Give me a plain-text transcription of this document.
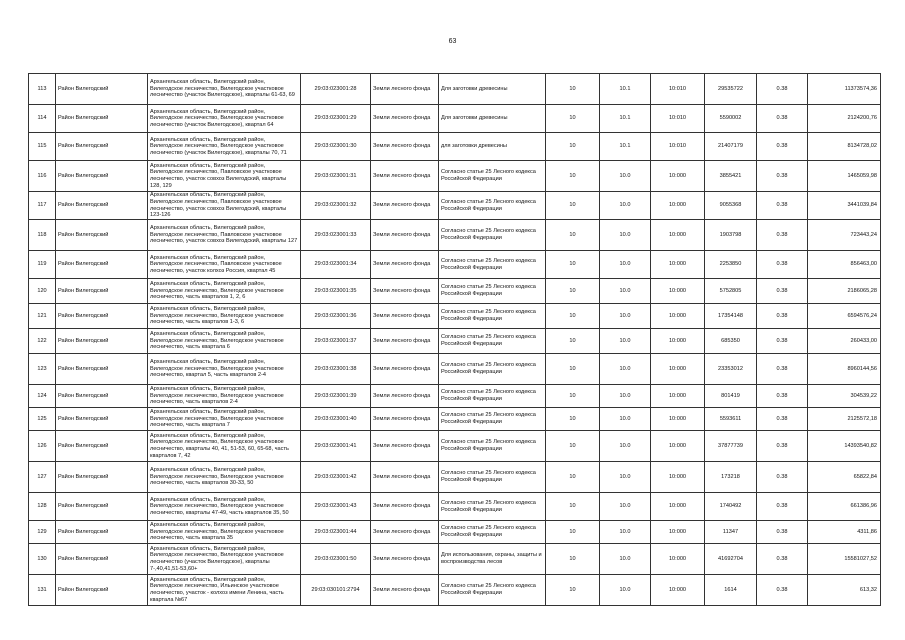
63
113	Район Вилегодский	Архангельская область, Вилегодский район, Вилегодское лесничество, Вилегодское участковое лесничество (участок Вилегодское), кварталы 61-63, 69	29:03:023001:28	Земли лесного фонда	Для заготовки древесины	10	10.1	10:010	29535722	0.38	11373574,36
114	Район Вилегодский	Архангельская область, Вилегодский район, Вилегодское лесничество, Вилегодское участковое лесничество (участок Вилегодское), квартал 64	29:03:023001:29	Земли лесного фонда	Для заготовки древесины	10	10.1	10:010	5590002	0.38	2124200,76
115	Район Вилегодский	Архангельская область, Вилегодский район, Вилегодское лесничество, Вилегодское участковое лесничество (участок Вилегодское), кварталы 70, 71	29:03:023001:30	Земли лесного фонда	для заготовки древесины	10	10.1	10:010	21407179	0.38	8134728,02
116	Район Вилегодский	Архангельская область, Вилегодский район, Вилегодское лесничество, Павловское участковое лесничество, участок совхоз Вилегодский, кварталы 128, 129	29:03:023001:31	Земли лесного фонда	Согласно статье 25 Лесного кодекса Российской Федерации	10	10.0	10:000	3855421	0.38	1465059,98
117	Район Вилегодский	Архангельская область, Вилегодский район, Вилегодское лесничество, Павловское участковое лесничество, участок совхоз Вилегодский, кварталы 123-126	29:03:023001:32	Земли лесного фонда	Согласно статье 25 Лесного кодекса Российской Федерации	10	10.0	10:000	9055368	0.38	3441039,84
118	Район Вилегодский	Архангельская область, Вилегодский район, Вилегодское лесничество, Павловское участковое лесничество, участок совхоз Вилегодский, кварталы 127	29:03:023001:33	Земли лесного фонда	Согласно статье 25 Лесного кодекса Российской Федерации	10	10.0	10:000	1903798	0.38	723443,24
119	Район Вилегодский	Архангельская область, Вилегодский район, Вилегодское лесничество, Павловское участковое лесничество, участок колхоз Россия, квартал 45	29:03:023001:34	Земли лесного фонда	Согласно статье 25 Лесного кодекса Российской Федерации	10	10.0	10:000	2253850	0.38	856463,00
120	Район Вилегодский	Архангельская область, Вилегодский район, Вилегодское лесничество, Вилегодское участковое лесничество, часть кварталов 1, 2, 6	29:03:023001:35	Земли лесного фонда	Согласно статье 25 Лесного кодекса Российской Федерации	10	10.0	10:000	5752805	0.38	2186065,28
121	Район Вилегодский	Архангельская область, Вилегодский район, Вилегодское лесничество, Вилегодское участковое лесничество, часть кварталов 1-3, 6	29:03:023001:36	Земли лесного фонда	Согласно статье 25 Лесного кодекса Российской Федерации	10	10.0	10:000	17354148	0.38	6594576,24
122	Район Вилегодский	Архангельская область, Вилегодский район, Вилегодское лесничество, Вилегодское участковое лесничество, часть квартала 6	29:03:023001:37	Земли лесного фонда	Согласно статье 25 Лесного кодекса Российской Федерации	10	10.0	10:000	685350	0.38	260433,00
123	Район Вилегодский	Архангельская область, Вилегодский район, Вилегодское лесничество, Вилегодское участковое лесничество, квартал 5, часть кварталов 2-4	29:03:023001:38	Земли лесного фонда	Согласно статье 25 Лесного кодекса Российской Федерации	10	10.0	10:000	23353012	0.38	8960144,56
124	Район Вилегодский	Архангельская область, Вилегодский район, Вилегодское лесничество, Вилегодское участковое лесничество, часть кварталов 2-4	29:03:023001:39	Земли лесного фонда	Согласно статье 25 Лесного кодекса Российской Федерации	10	10.0	10:000	801419	0.38	304539,22
125	Район Вилегодский	Архангельская область, Вилегодский район, Вилегодское лесничество, Вилегодское участковое лесничество, часть квартала 7	29:03:023001:40	Земли лесного фонда	Согласно статье 25 Лесного кодекса Российской Федерации	10	10.0	10:000	5593611	0.38	2125572,18
126	Район Вилегодский	Архангельская область, Вилегодский район, Вилегодское лесничество, Вилегодское участковое лесничество, кварталы 40, 41, 51-53, 60, 65-68, часть кварталов 7, 42	29:03:023001:41	Земли лесного фонда	Согласно статье 25 Лесного кодекса Российской Федерации	10	10.0	10:000	37877739	0.38	14393540,82
127	Район Вилегодский	Архангельская область, Вилегодский район, Вилегодское лесничество, Вилегодское участковое лесничество, часть кварталов 30-33, 50	29:03:023001:42	Земли лесного фонда	Согласно статье 25 Лесного кодекса Российской Федерации	10	10.0	10:000	173218	0.38	65822,84
128	Район Вилегодский	Архангельская область, Вилегодский район, Вилегодское лесничество, Вилегодское участковое лесничество, кварталы 47-49, часть кварталов 35, 50	29:03:023001:43	Земли лесного фонда	Согласно статье 25 Лесного кодекса Российской Федерации	10	10.0	10:000	1740492	0.38	661386,96
129	Район Вилегодский	Архангельская область, Вилегодский район, Вилегодское лесничество, Вилегодское участковое лесничество, часть квартала 35	29:03:023001:44	Земли лесного фонда	Согласно статье 25 Лесного кодекса Российской Федерации	10	10.0	10:000	11347	0.38	4311,86
130	Район Вилегодский	Архангельская область, Вилегодский район, Вилегодское лесничество, Вилегодское участковое лесничество (участок Вилегодское), кварталы 7-,40,41,51-53,60+	29:03:023001:50	Земли лесного фонда	Для использования, охраны, защиты и воспроизводства лесов	10	10.0	10:000	41692704	0.38	15581027,52
131	Район Вилегодский	Архангельская область, Вилегодский район, Вилегодское лесничество, Ильинское участковое лесничество, участок - колхоз имени Ленина, часть квартала №67	29:03:030101:2794	Земли лесного фонда	Согласно статье 25 Лесного кодекса Российской Федерации	10	10.0	10:000	1614	0.38	613,32
